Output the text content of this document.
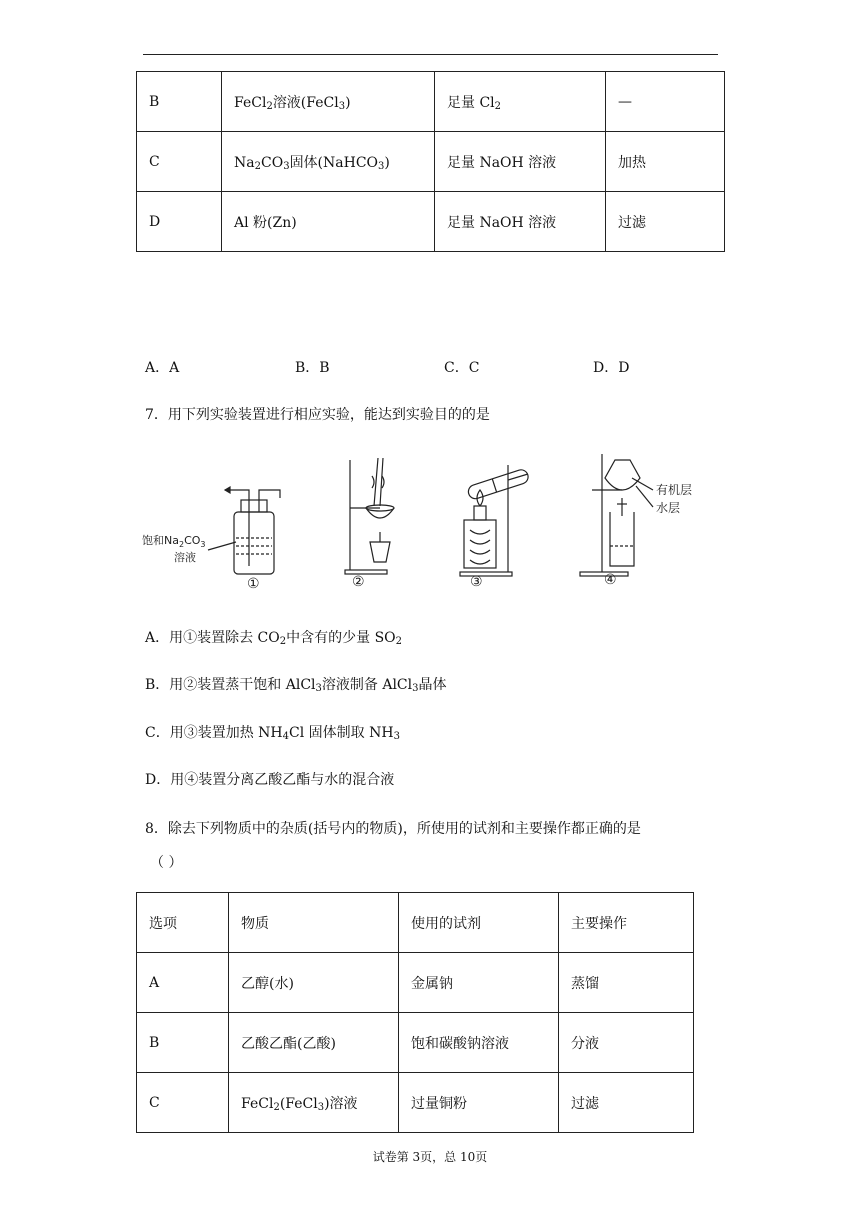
B	FeCl$_2$溶液(FeCl$_3$)	足量 $Cl_2$	—
C	$Na_2CO_3$固体(NaHCO$_3$)	足量 NaOH 溶液	加热
D	Al 粉(Zn)	足量 NaOH 溶液	过滤
A．A	B．B	C．C	D．D
7．用下列实验装置进行相应实验，能达到实验目的的是
饱和$Na_2CO_3$
溶液
有机层
水层
①	②	③	④
A．用①装置除去 $CO_2$中含有的少量 $SO_2$
B．用②装置蒸干饱和 AlCl$_3$溶液制备 AlCl$_3$晶体
C．用③装置加热 $NH_4Cl$ 固体制取 $NH_3$
D．用④装置分离乙酸乙酯与水的混合液
8．除去下列物质中的杂质(括号内的物质)，所使用的试剂和主要操作都正确的是
（ ）
选项	物质	使用的试剂	主要操作
A	乙醇(水)	金属钠	蒸馏
B	乙酸乙酯(乙酸)	饱和碳酸钠溶液	分液
C	FeCl$_2$(FeCl$_3$)溶液	过量铜粉	过滤
试卷第 3页，总 10页
